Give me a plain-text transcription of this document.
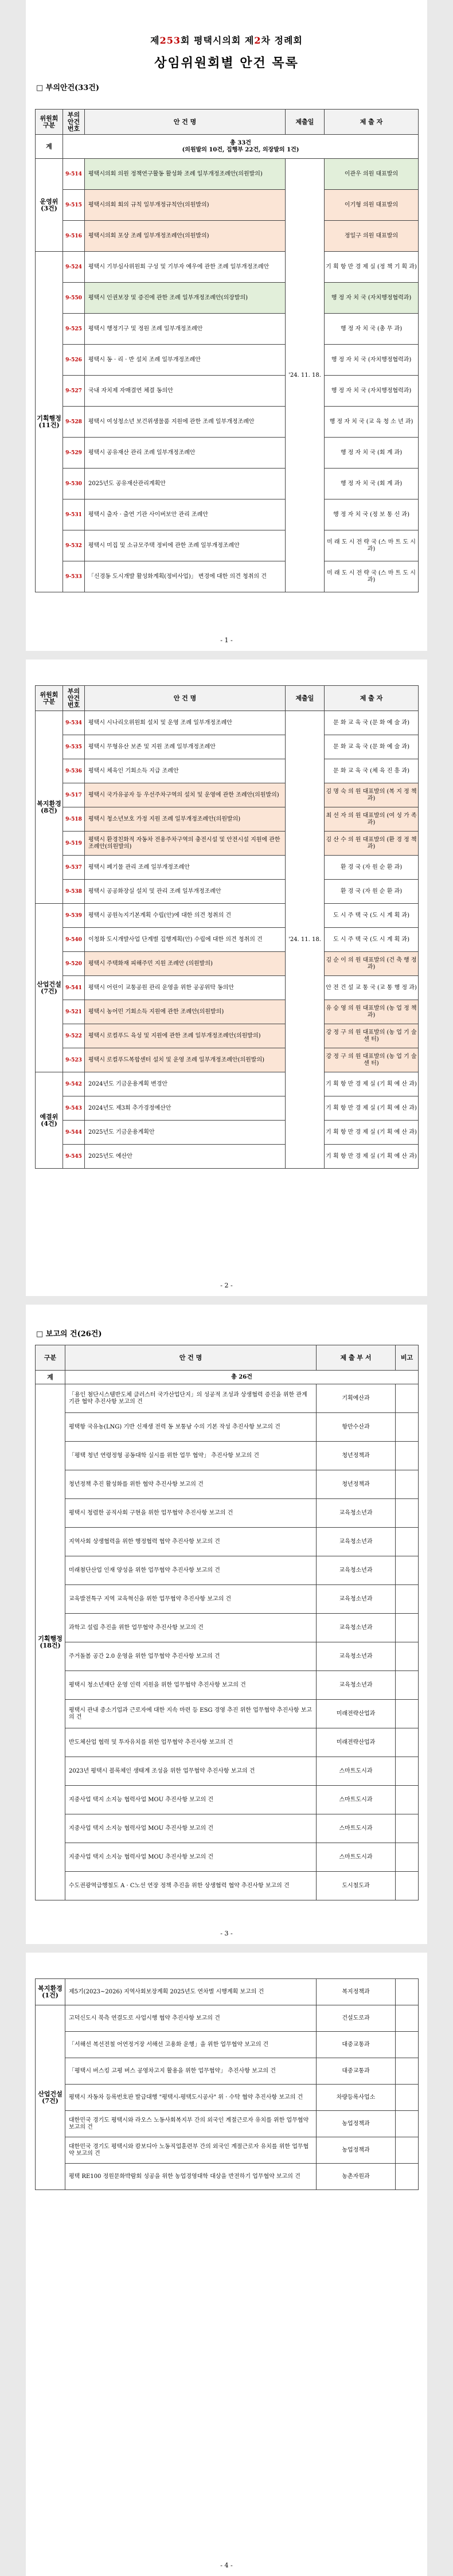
제253회 평택시의회 제2차 정례회
상임위원회별 안건 목록
□ 부의안건(33건)
위원회
구분	부의
안건
번호	안 건 명	제출일	제 출 자
계	총 33건
(의원발의 10건, 집행부 22건, 의장발의 1건)			

운영위
(3건)	9-514	평택시의회 의원 정책연구활동 활성화 조례 일부개정조례안(의원발의)	'24. 11. 18.	이관우 의원 대표발의
	9-515	평택시의회 회의 규칙 일부개정규칙안(의원발의)		이기형 의원 대표발의
	9-516	평택시의회 포상 조례 일부개정조례안(의원발의)		정일구 의원 대표발의
기획행정
(11건)	9-524	평택시 기부심사위원회 구성 및 기부자 예우에 관한 조례 일부개정조례안		기 획 항 만 경 제 실 (정 책 기 획 과)
	9-550	평택시 인권보장 및 증진에 관한 조례 일부개정조례안(의장발의)		행 정 자 치 국 (자치행정협력과)
	9-525	평택시 행정기구 및 정원 조례 일부개정조례안		행 정 자 치 국 (총 무 과)
	9-526	평택시 동 · 리 · 반 설치 조례 일부개정조례안		행 정 자 치 국 (자치행정협력과)
	9-527	국내 자치제 자매결연 체결 동의안		행 정 자 치 국 (자치행정협력과)
	9-528	평택시 여성청소년 보건위생물품 지원에 관한 조례 일부개정조례안		행 정 자 치 국 (교 육 청 소 년 과)
	9-529	평택시 공유재산 관리 조례 일부개정조례안		행 정 자 치 국 (회 계 과)
	9-530	2025년도 공유재산관리계획안		행 정 자 치 국 (회 계 과)
	9-531	평택시 출자 · 출연 기관 사이버보안 관리 조례안		행 정 자 치 국 (정 보 통 신 과)
	9-532	평택시 미집 및 소규모주택 정비에 관한 조례 일부개정조례안		미 래 도 시 전 략 국 (스 마 트 도 시 과)
	9-533	「신경동 도시개발 활성화계획(정비사업)」 변경에 대한 의견 청취의 건		미 래 도 시 전 략 국 (스 마 트 도 시 과)
- 1 -
위원회
구분	부의
안건
번호	안 건 명	제출일	제 출 자
복지환경
(8건)	9-534	평택시 시나리오위원회 설치 및 운영 조례 일부개정조례안	'24. 11. 18.	문 화 교 육 국 (문 화 예 술 과)
	9-535	평택시 무형유산 보존 및 지원 조례 일부개정조례안		문 화 교 육 국 (문 화 예 술 과)
	9-536	평택시 체육인 기회소득 지급 조례안		문 화 교 육 국 (체 육 진 흥 과)
	9-517	평택시 국가유공자 등 우선주차구역의 설치 및 운영에 관한 조례안(의원발의)		김 명 숙 의 원 대표발의 (복 지 정 책 과)
	9-518	평택시 청소년보호 가정 지원 조례 일부개정조례안(의원발의)		최 선 자 의 원 대표발의 (여 성 가 족 과)
	9-519	평택시 환경친화적 자동차 전용주차구역의 충전시설 및 안전시설 지원에 관한 조례안(의원발의)		김 산 수 의 원 대표발의 (환 경 정 책 과)
	9-537	평택시 폐기물 관리 조례 일부개정조례안		환 경 국 (자 원 순 환 과)
	9-538	평택시 공공화장실 설치 및 관리 조례 일부개정조례안		환 경 국 (자 원 순 환 과)
산업건설
(7건)	9-539	평택시 공원녹지기본계획 수립(안)에 대한 의견 청취의 건		도 시 주 택 국 (도 시 계 획 과)
	9-540	이청화 도시개발사업 단계별 집행계획(안) 수립에 대한 의견 청취의 건		도 시 주 택 국 (도 시 계 획 과)
	9-520	평택시 주택화재 피해주민 지원 조례안 (의원발의)		김 순 이 의 원 대표발의 (건 축 행 정 과)
	9-541	평택시 어린이 교통공원 관리 운영을 위한 공공위탁 동의안		안 전 건 설 교 통 국 (교 통 행 정 과)
	9-521	평택시 농어민 기회소득 지원에 관한 조례안(의원발의)		유 승 영 의 원 대표발의 (농 업 정 책 과)
	9-522	평택시 로컬푸드 육성 및 지원에 관한 조례 일부개정조례안(의원발의)		강 정 구 의 원 대표발의 (농 업 기 술 센 터)
	9-523	평택시 로컬푸드복합센터 설치 및 운영 조례 일부개정조례안(의원발의)		강 정 구 의 원 대표발의 (농 업 기 술 센 터)
예결위
(4건)	9-542	2024년도 기금운용계획 변경안		기 획 항 만 경 제 실 (기 획 예 산 과)
	9-543	2024년도 제3회 추가경정예산안		기 획 항 만 경 제 실 (기 획 예 산 과)
	9-544	2025년도 기금운용계획안		기 획 항 만 경 제 실 (기 획 예 산 과)
	9-545	2025년도 예산안		기 획 항 만 경 제 실 (기 획 예 산 과)
- 2 -
□ 보고의 건(26건)
구분	안 건 명	제 출 부 서	비고
계	총 26건		
기획행정
(18건)	「용인 첨단시스템반도체 클러스터 국가산업단지」의 성공적 조성과 상생협력 증진을 위한 관계기관 협약 추진사항 보고의 건	기획예산과	
	평택항 국유농(LNG) 기반 신재생 전력 동 보통남 수의 기본 작성 추진사항 보고의 건	항만수산과	
	「평택 청년 연령정형 공동대학 실시를 위한 업무 협약」 추진사항 보고의 건	청년정책과	
	청년정책 추진 활성화를 위한 협약 추진사항 보고의 건	청년정책과	
	평택시 청렴한 공직사회 구현을 위한 업무협약 추진사항 보고의 건	교육청소년과	
	지역사회 상생협력을 위한 행정협력 협약 추진사항 보고의 건	교육청소년과	
	미래첨단산업 인재 양성을 위한 업무협약 추진사항 보고의 건	교육청소년과	
	교육발전특구 지역 교육혁신을 위한 업무협약 추진사항 보고의 건	교육청소년과	
	과학고 설립 추진을 위한 업무협약 추진사항 보고의 건	교육청소년과	
	주거돌봄 공간 2.0 운영을 위한 업무협약 추진사항 보고의 건	교육청소년과	
	평택시 청소년재단 운영 인력 지원을 위한 업무협약 추진사항 보고의 건	교육청소년과	
	평택시 관내 중소기업과 근로자에 대한 지속 마련 등 ESG 경영 추진 위한 업무협약 추진사항 보고의 건	미래전략산업과	
	반도체산업 협력 및 투자유치를 위한 업무협약 추진사항 보고의 건	미래전략산업과	
	2023년 평택시 블록체인 생태계 조성을 위한 업무협약 추진사항 보고의 건	스마트도시과	
	지중사업 택지 소지능 협력사업 MOU 추진사항 보고의 건	스마트도시과	
	지중사업 택지 소지능 협력사업 MOU 추진사항 보고의 건	스마트도시과	
	지중사업 택지 소지능 협력사업 MOU 추진사항 보고의 건	스마트도시과	
	수도권광역급행철도 A · C노선 연장 정책 추진을 위한 상생협력 협약 추진사항 보고의 건	도시철도과	
- 3 -
복지환경
(1건)	제5기(2023~2026) 지역사회보장계획 2025년도 연차별 시행계획 보고의 건	복지정책과	
산업건설
(7건)	고덕신도시 북측 연결도로 사업시행 협약 추진사항 보고의 건	건설도로과	
	「서해선 복선전철 어연정거장 서해선 고용화 운행」을 위한 업무협약 보고의 건	대중교통과	
	「평택시 버스킹 고평 버스 공영차고지 활용을 위한 업무협약」 추진사항 보고의 건	대중교통과	
	평택시 자동차 등록번호판 발급대행 "평택시-평택도시공사" 위 · 수탁 협약 추진사항 보고의 건	차량등록사업소	
	대한민국 경기도 평택시와 라오스 노동사회복지부 간의 외국인 계절근로자 유치를 위한 업무협약 보고의 건	농업정책과	
	대한민국 경기도 평택시와 캄보디아 노동직업훈련부 간의 외국인 계절근로자 유치를 위한 업무협약 보고의 건	농업정책과	
	평택 RE100 정원문화박람회 성공을 위한 농업경영대학 대상을 반전하기 업무협약 보고의 건	농촌자원과	
- 4 -
